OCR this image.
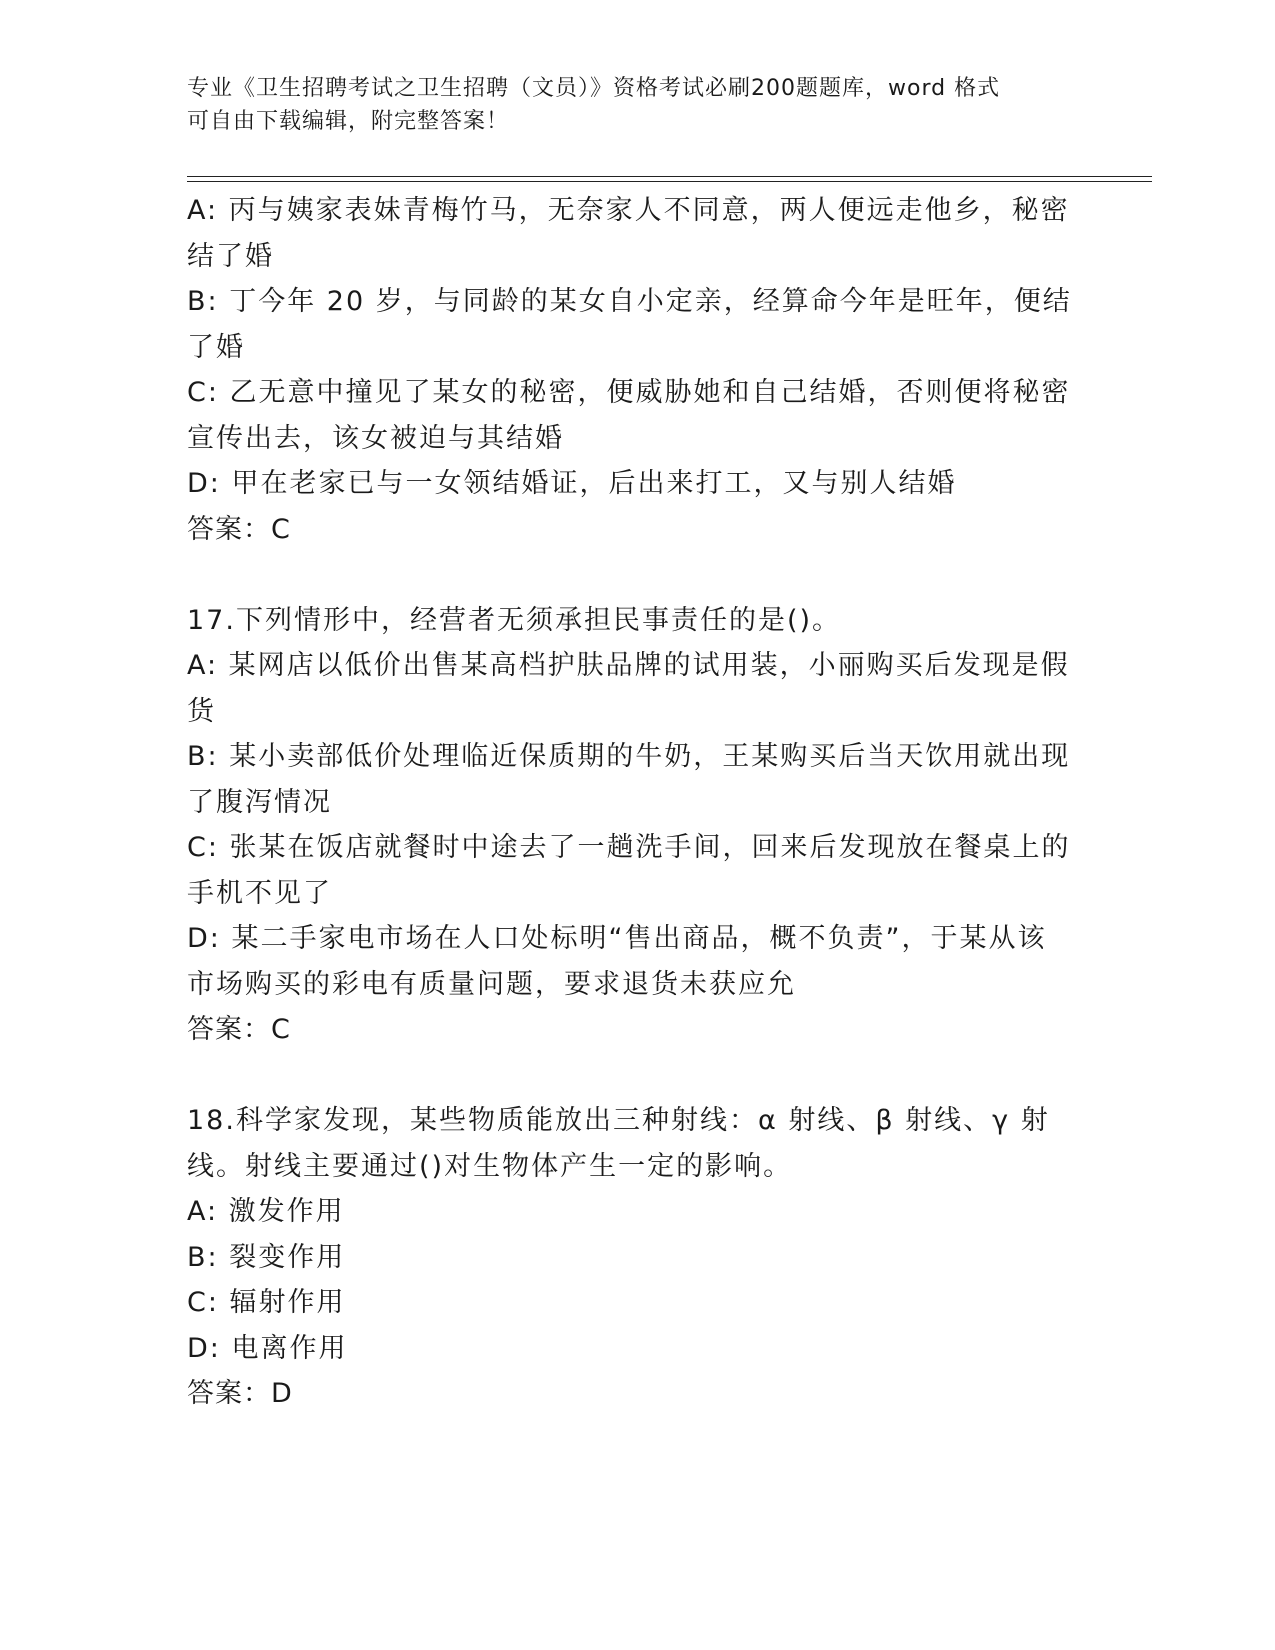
专业《卫生招聘考试之卫生招聘（文员）》资格考试必刷200题题库，word 格式
可自由下载编辑，附完整答案！
A: 丙与姨家表妹青梅竹马，无奈家人不同意，两人便远走他乡，秘密
结了婚
B: 丁今年 20 岁，与同龄的某女自小定亲，经算命今年是旺年，便结
了婚
C: 乙无意中撞见了某女的秘密，便威胁她和自己结婚，否则便将秘密
宣传出去，该女被迫与其结婚
D: 甲在老家已与一女领结婚证，后出来打工，又与别人结婚
答案：C
17.下列情形中，经营者无须承担民事责任的是()。
A: 某网店以低价出售某高档护肤品牌的试用装，小丽购买后发现是假
货
B: 某小卖部低价处理临近保质期的牛奶，王某购买后当天饮用就出现
了腹泻情况
C: 张某在饭店就餐时中途去了一趟洗手间，回来后发现放在餐桌上的
手机不见了
D: 某二手家电市场在人口处标明“售出商品，概不负责”，于某从该
市场购买的彩电有质量问题，要求退货未获应允
答案：C
18.科学家发现，某些物质能放出三种射线：α 射线、β 射线、γ 射
线。射线主要通过()对生物体产生一定的影响。
A: 激发作用
B: 裂变作用
C: 辐射作用
D: 电离作用
答案：D
